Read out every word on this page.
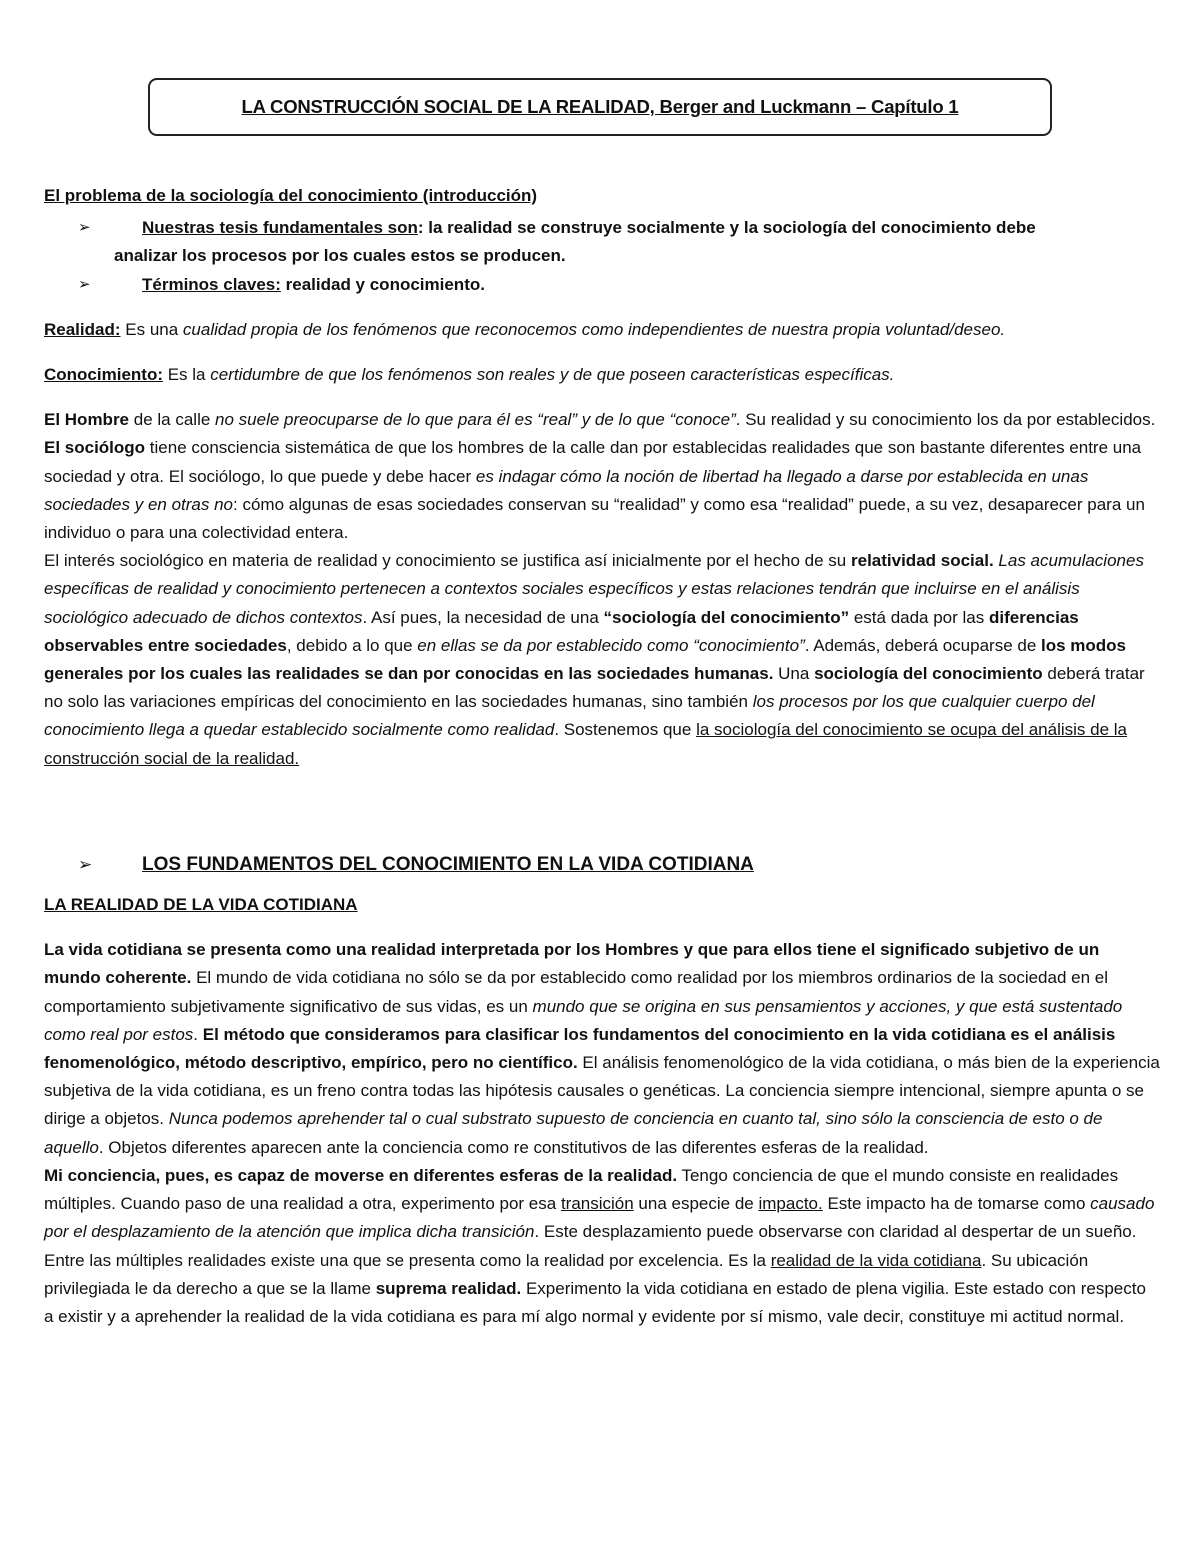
LA CONSTRUCCIÓN SOCIAL DE LA REALIDAD, Berger and Luckmann – Capítulo 1

El problema de la sociología del conocimiento (introducción)

➢	Nuestras tesis fundamentales son: la realidad se construye socialmente y la sociología del conocimiento debe

analizar los procesos por los cuales estos se producen.

➢	Términos claves: realidad y conocimiento.

Realidad: Es una cualidad propia de los fenómenos que reconocemos como independientes de nuestra propia voluntad/deseo.

Conocimiento: Es la certidumbre de que los fenómenos son reales y de que poseen características específicas.

El Hombre de la calle no suele preocuparse de lo que para él es “real” y de lo que “conoce”. Su realidad y su conocimiento los da por establecidos.

El sociólogo tiene consciencia sistemática de que los hombres de la calle dan por establecidas realidades que son bastante diferentes entre una sociedad y otra. El sociólogo, lo que puede y debe hacer es indagar cómo la noción de libertad ha llegado a darse por establecida en unas sociedades y en otras no: cómo algunas de esas sociedades conservan su “realidad” y como esa “realidad” puede, a su vez, desaparecer para un individuo o para una colectividad entera.

El interés sociológico en materia de realidad y conocimiento se justifica así inicialmente por el hecho de su relatividad social. Las acumulaciones específicas de realidad y conocimiento pertenecen a contextos sociales específicos y estas relaciones tendrán que incluirse en el análisis sociológico adecuado de dichos contextos. Así pues, la necesidad de una “sociología del conocimiento” está dada por las diferencias observables entre sociedades, debido a lo que en ellas se da por establecido como “conocimiento”. Además, deberá ocuparse de los modos generales por los cuales las realidades se dan por conocidas en las sociedades humanas. Una sociología del conocimiento deberá tratar no solo las variaciones empíricas del conocimiento en las sociedades humanas, sino también los procesos por los que cualquier cuerpo del conocimiento llega a quedar establecido socialmente como realidad. Sostenemos que la sociología del conocimiento se ocupa del análisis de la construcción social de la realidad.

➢	LOS FUNDAMENTOS DEL CONOCIMIENTO EN LA VIDA COTIDIANA

LA REALIDAD DE LA VIDA COTIDIANA

La vida cotidiana se presenta como una realidad interpretada por los Hombres y que para ellos tiene el significado subjetivo de un mundo coherente. El mundo de vida cotidiana no sólo se da por establecido como realidad por los miembros ordinarios de la sociedad en el comportamiento subjetivamente significativo de sus vidas, es un mundo que se origina en sus pensamientos y acciones, y que está sustentado como real por estos. El método que consideramos para clasificar los fundamentos del conocimiento en la vida cotidiana es el análisis fenomenológico, método descriptivo, empírico, pero no científico. El análisis fenomenológico de la vida cotidiana, o más bien de la experiencia subjetiva de la vida cotidiana, es un freno contra todas las hipótesis causales o genéticas. La conciencia siempre intencional, siempre apunta o se dirige a objetos. Nunca podemos aprehender tal o cual substrato supuesto de conciencia en cuanto tal, sino sólo la consciencia de esto o de aquello. Objetos diferentes aparecen ante la conciencia como re constitutivos de las diferentes esferas de la realidad.

Mi conciencia, pues, es capaz de moverse en diferentes esferas de la realidad. Tengo conciencia de que el mundo consiste en realidades múltiples. Cuando paso de una realidad a otra, experimento por esa transición una especie de impacto. Este impacto ha de tomarse como causado por el desplazamiento de la atención que implica dicha transición. Este desplazamiento puede observarse con claridad al despertar de un sueño. Entre las múltiples realidades existe una que se presenta como la realidad por excelencia. Es la realidad de la vida cotidiana. Su ubicación privilegiada le da derecho a que se la llame suprema realidad. Experimento la vida cotidiana en estado de plena vigilia. Este estado con respecto a existir y a aprehender la realidad de la vida cotidiana es para mí algo normal y evidente por sí mismo, vale decir, constituye mi actitud normal.
